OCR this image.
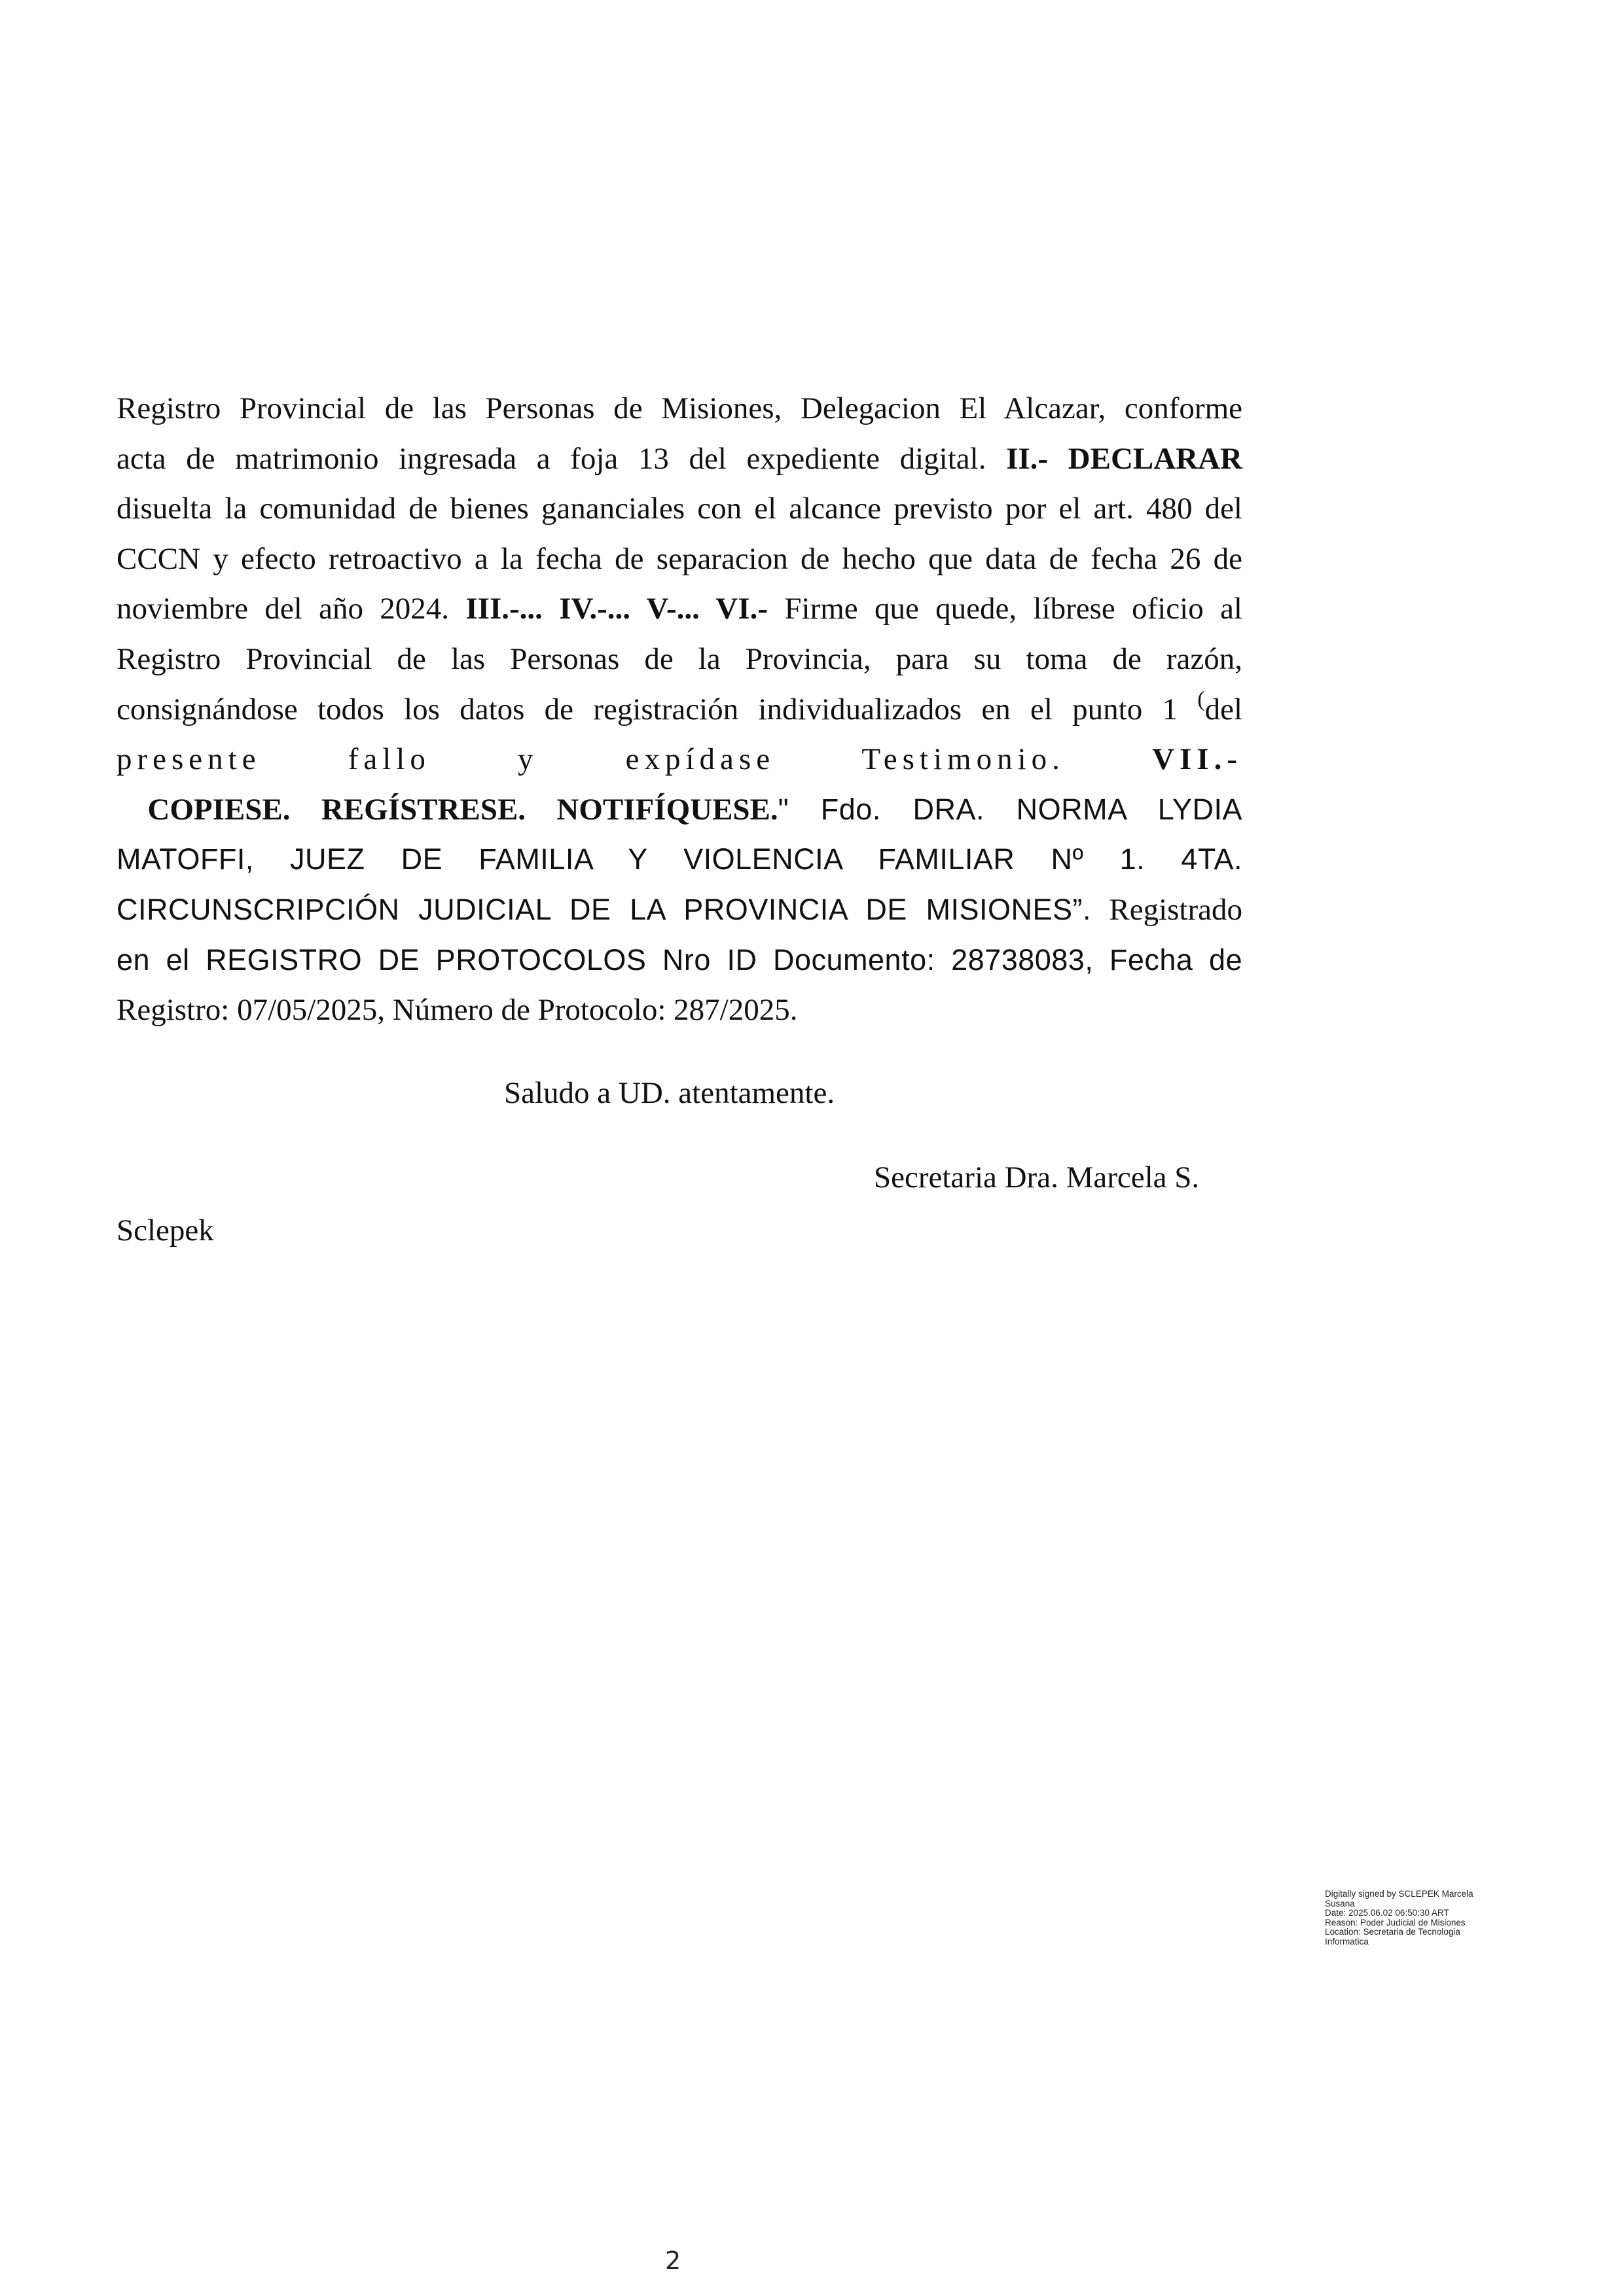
Registro Provincial de las Personas de Misiones, Delegacion El Alcazar, conforme
acta de matrimonio ingresada a foja 13 del expediente digital. II.- DECLARAR
disuelta la comunidad de bienes gananciales con el alcance previsto por el art. 480 del
CCCN y efecto retroactivo a la fecha de separacion de hecho que data de fecha 26 de
noviembre del año 2024. III.-... IV.-... V-... VI.- Firme que quede, líbrese oficio al
Registro Provincial de las Personas de la Provincia, para su toma de razón,
consignándose todos los datos de registración individualizados en el punto 1 (del
presente fallo y expídase Testimonio.	VII.-
COPIESE. REGÍSTRESE. NOTIFÍQUESE." Fdo. DRA. NORMA LYDIA
MATOFFI, JUEZ DE FAMILIA Y VIOLENCIA FAMILIAR Nº 1. 4TA.
CIRCUNSCRIPCIÓN JUDICIAL DE LA PROVINCIA DE MISIONES”. Registrado
en el REGISTRO DE PROTOCOLOS Nro ID Documento: 28738083, Fecha de
Registro: 07/05/2025, Número de Protocolo: 287/2025.
Saludo a UD. atentamente.
Secretaria Dra. Marcela S.
Sclepek
Digitally signed by SCLEPEK Marcela
Susana
Date: 2025.06.02 06:50:30 ART
Reason: Poder Judicial de Misiones
Location: Secretaria de Tecnologia
Informatica
2
